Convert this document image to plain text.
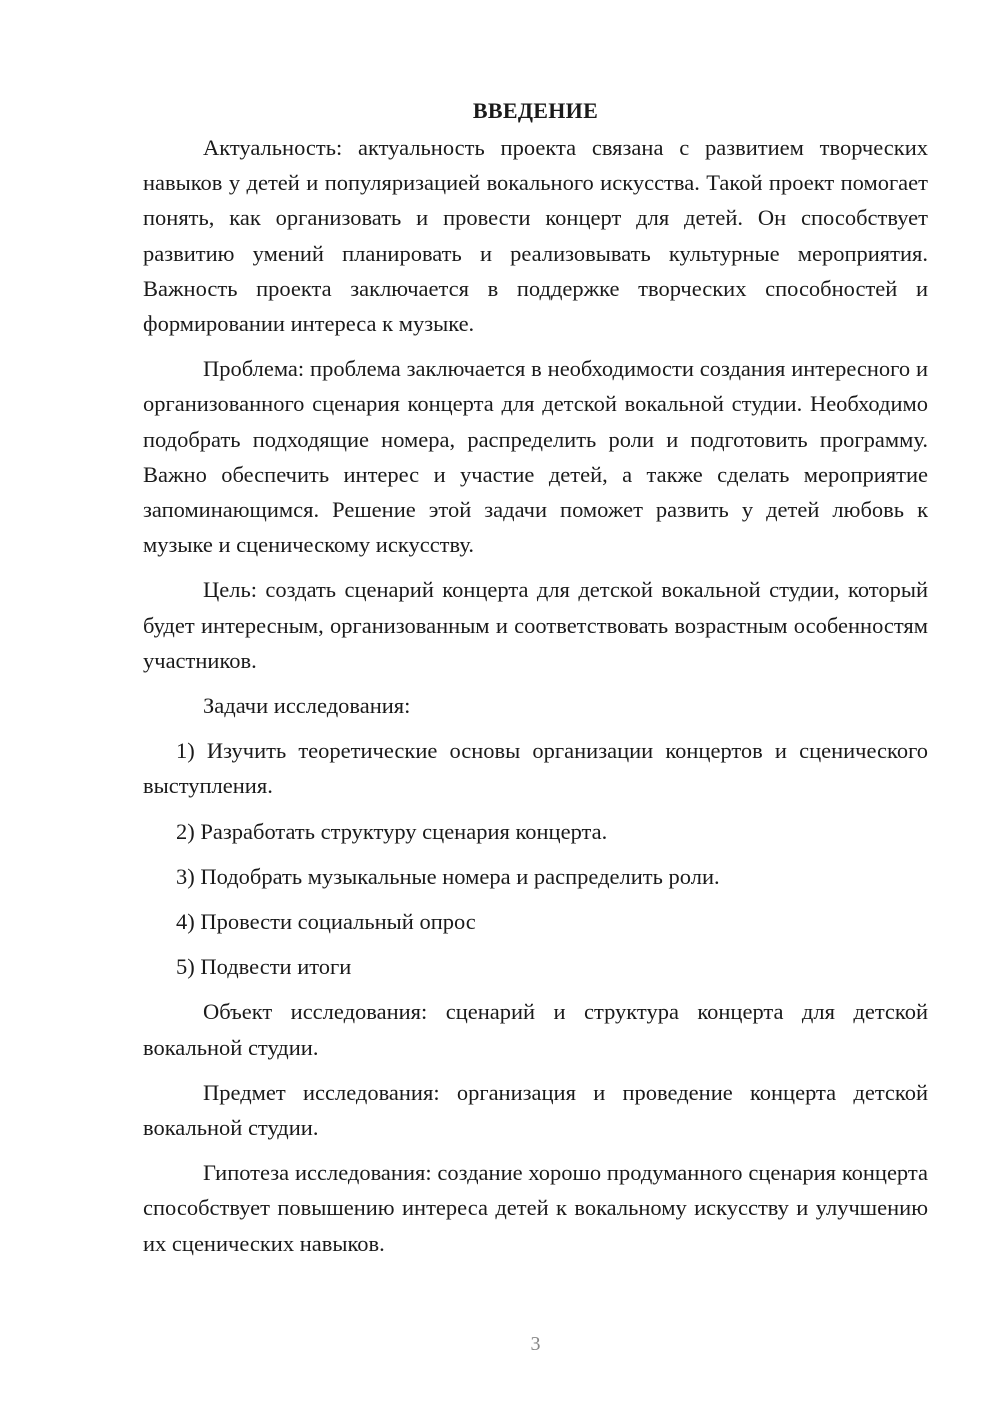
ВВЕДЕНИЕ

Актуальность: актуальность проекта связана с развитием творческих навыков у детей и популяризацией вокального искусства. Такой проект помогает понять, как организовать и провести концерт для детей. Он способствует развитию умений планировать и реализовывать культурные мероприятия. Важность проекта заключается в поддержке творческих способностей и формировании интереса к музыке.

Проблема: проблема заключается в необходимости создания интересного и организованного сценария концерта для детской вокальной студии. Необходимо подобрать подходящие номера, распределить роли и подготовить программу. Важно обеспечить интерес и участие детей, а также сделать мероприятие запоминающимся. Решение этой задачи поможет развить у детей любовь к музыке и сценическому искусству.

Цель: создать сценарий концерта для детской вокальной студии, который будет интересным, организованным и соответствовать возрастным особенностям участников.

Задачи исследования:

1) Изучить теоретические основы организации концертов и сценического выступления.

2) Разработать структуру сценария концерта.

3) Подобрать музыкальные номера и распределить роли.

4) Провести социальный опрос

5) Подвести итоги

Объект исследования: сценарий и структура концерта для детской вокальной студии.

Предмет исследования: организация и проведение концерта детской вокальной студии.

Гипотеза исследования: создание хорошо продуманного сценария концерта способствует повышению интереса детей к вокальному искусству и улучшению их сценических навыков.

3
